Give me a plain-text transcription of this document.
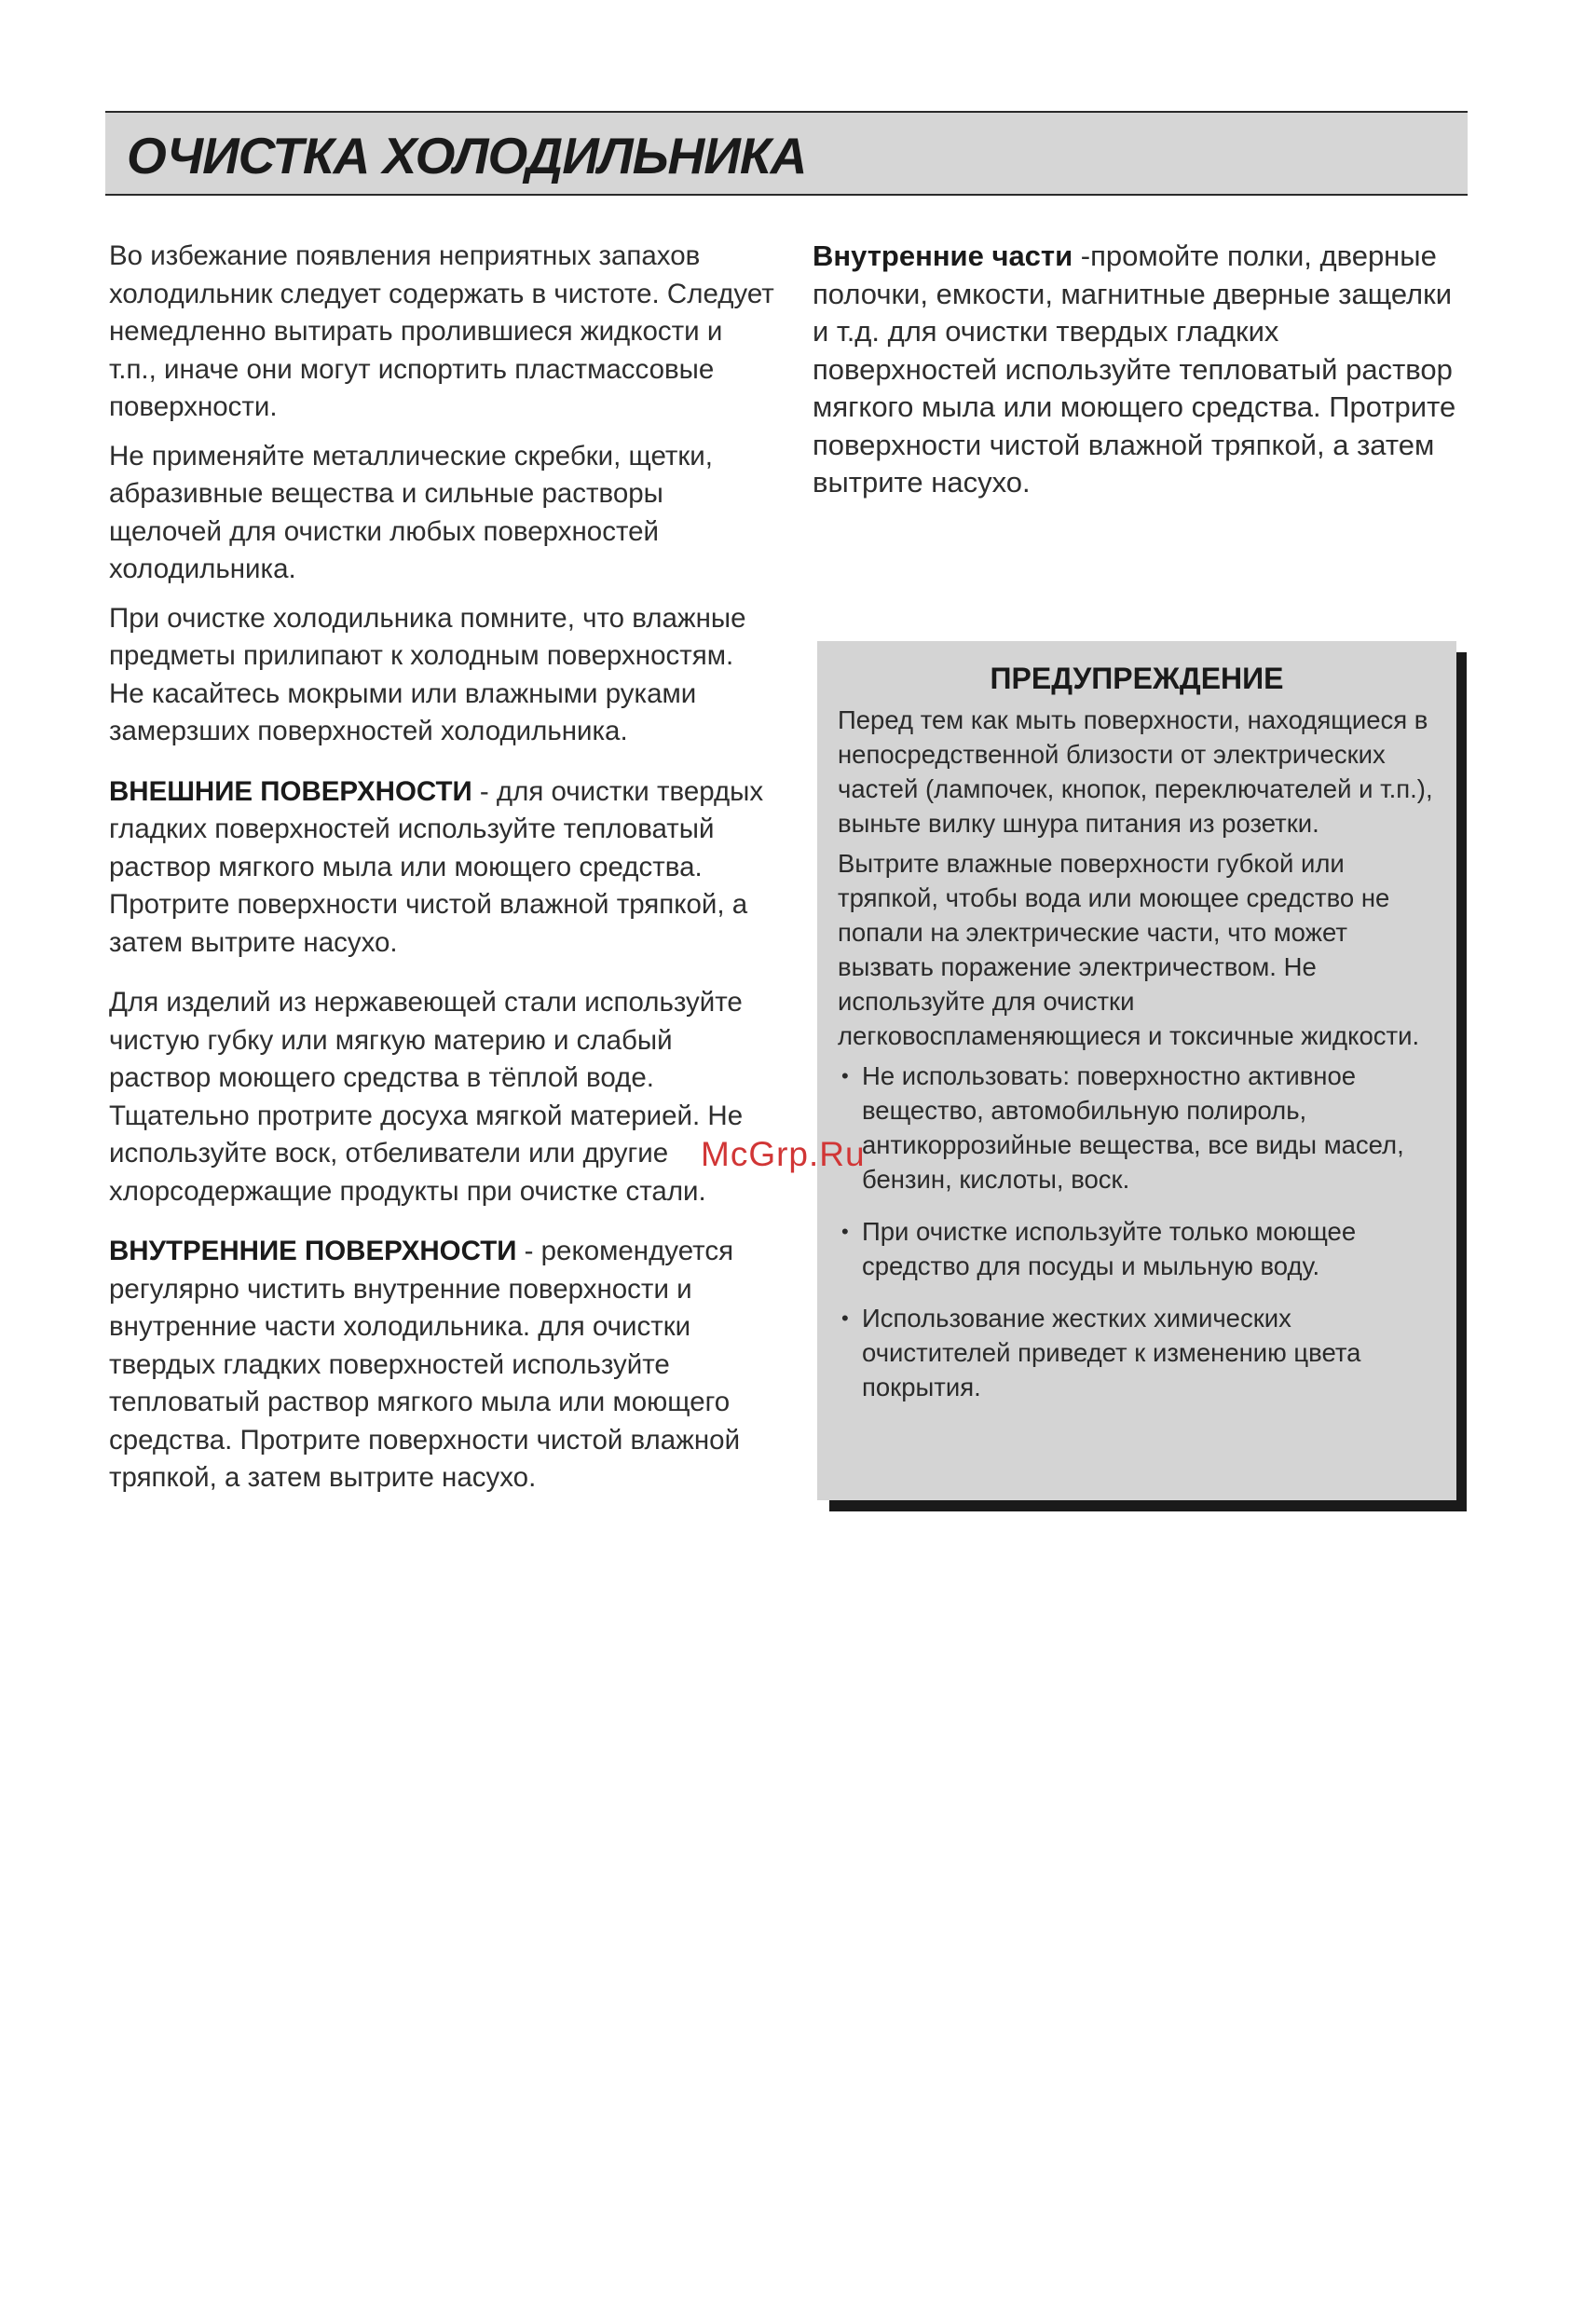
ОЧИСТКА ХОЛОДИЛЬНИКА

Во избежание появления неприятных запахов холодильник следует содержать в чистоте. Следует немедленно вытирать пролившиеся жидкости и т.п., иначе они могут испортить пластмассовые поверхности.

Не применяйте металлические скребки, щетки, абразивные вещества и сильные растворы щелочей для очистки любых поверхностей холодильника.

При очистке холодильника помните, что влажные предметы прилипают к холодным поверхностям. Не касайтесь мокрыми или влажными руками замерзших поверхностей холодильника.

ВНЕШНИЕ ПОВЕРХНОСТИ - для очистки твердых гладких поверхностей используйте тепловатый раствор мягкого мыла или моющего средства. Протрите поверхности чистой влажной тряпкой, а затем вытрите насухо.

Для изделий из нержавеющей стали используйте чистую губку или мягкую материю и слабый раствор моющего средства в тёплой воде. Тщательно протрите досуха мягкой материей. Не используйте воск, отбеливатели или другие хлорсодержащие продукты при очистке стали.

ВНУТРЕННИЕ ПОВЕРХНОСТИ - рекомендуется регулярно чистить внутренние поверхности и внутренние части холодильника. для очистки твердых гладких поверхностей используйте тепловатый раствор мягкого мыла или моющего средства. Протрите поверхности чистой влажной тряпкой, а затем вытрите насухо.

Внутренние части -промойте полки, дверные полочки, емкости, магнитные дверные защелки и т.д. для очистки твердых гладких поверхностей используйте тепловатый раствор мягкого мыла или моющего средства. Протрите поверхности чистой влажной тряпкой, а затем вытрите насухо.

ПРЕДУПРЕЖДЕНИЕ

Перед тем как мыть поверхности, находящиеся в непосредственной близости от электрических частей (лампочек, кнопок, переключателей и т.п.), выньте вилку шнура питания из розетки.

Вытрите влажные поверхности губкой или тряпкой, чтобы вода или моющее средство не попали на электрические части, что может вызвать поражение электричеством. Не используйте для очистки легковоспламеняющиеся и токсичные жидкости.

• Не использовать: поверхностно активное вещество, автомобильную полироль, антикоррозийные вещества, все виды масел, бензин, кислоты, воск.
• При очистке используйте только моющее средство для посуды и мыльную воду.
• Использование жестких химических очистителей приведет к изменению цвета покрытия.
McGrp.Ru
